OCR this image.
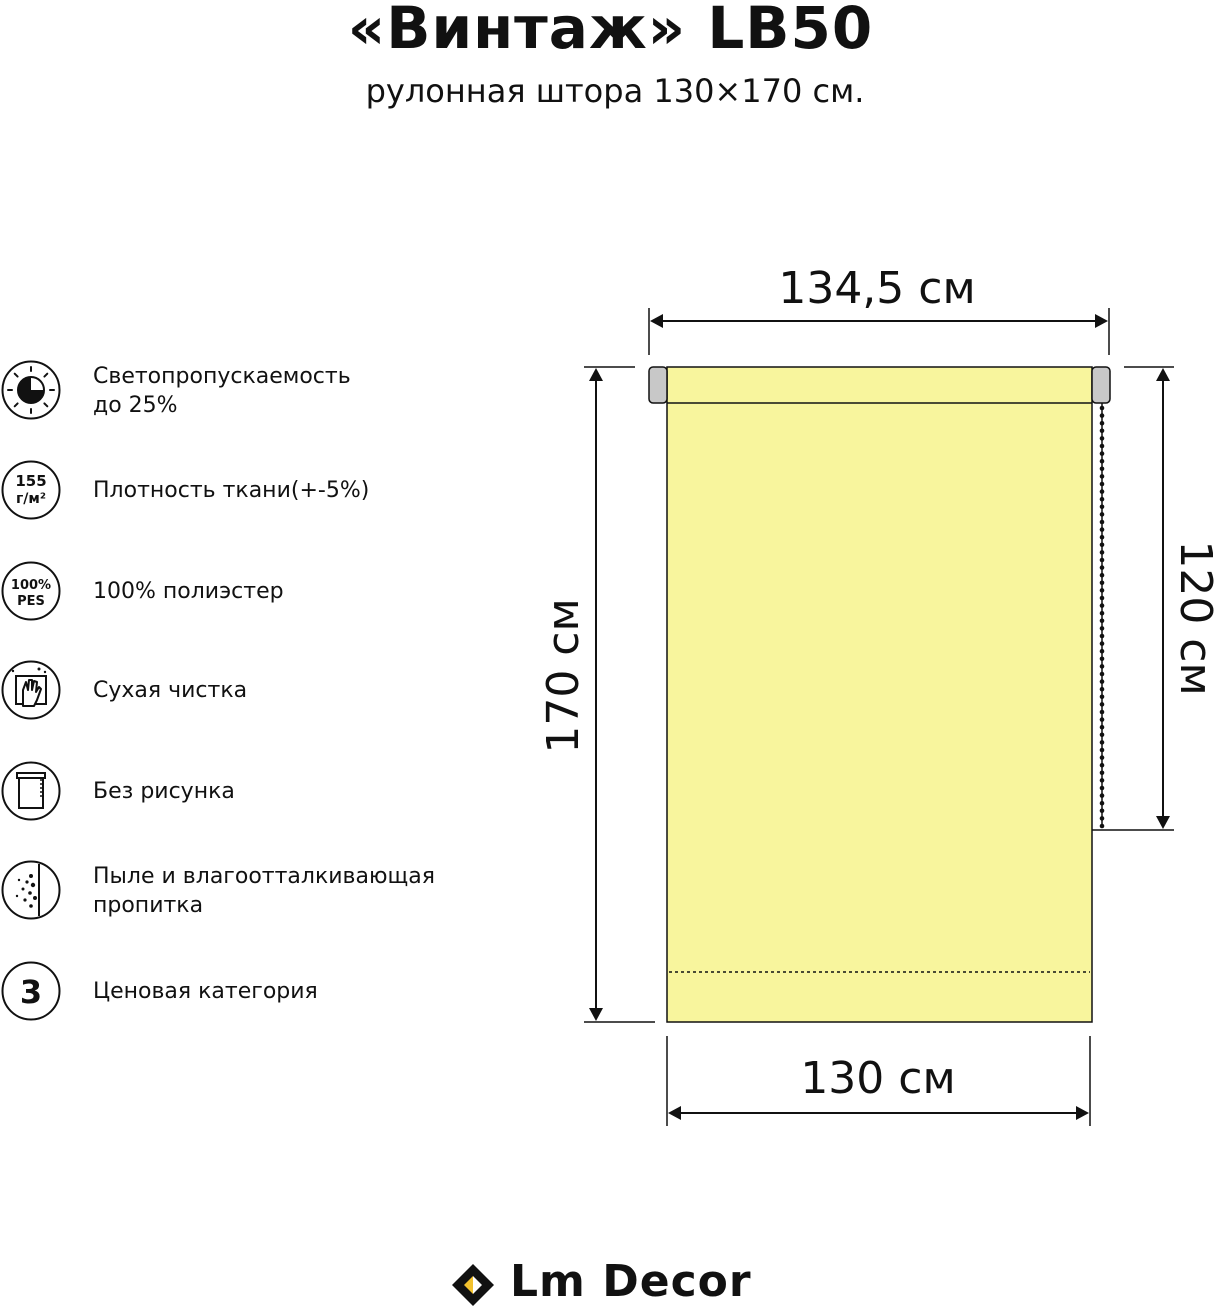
«Винтаж» LB50
рулонная штора 130×170 см.
Светопропускаемость
до 25%
155
г/м² Плотность ткани(+-5%)
100%
PES 100% полиэстер
Сухая чистка
Без рисунка
Пыле и влагоотталкивающая
пропитка
3 Ценовая категория
134,5 см
170 см	120 см
130 см
Lm Decor
